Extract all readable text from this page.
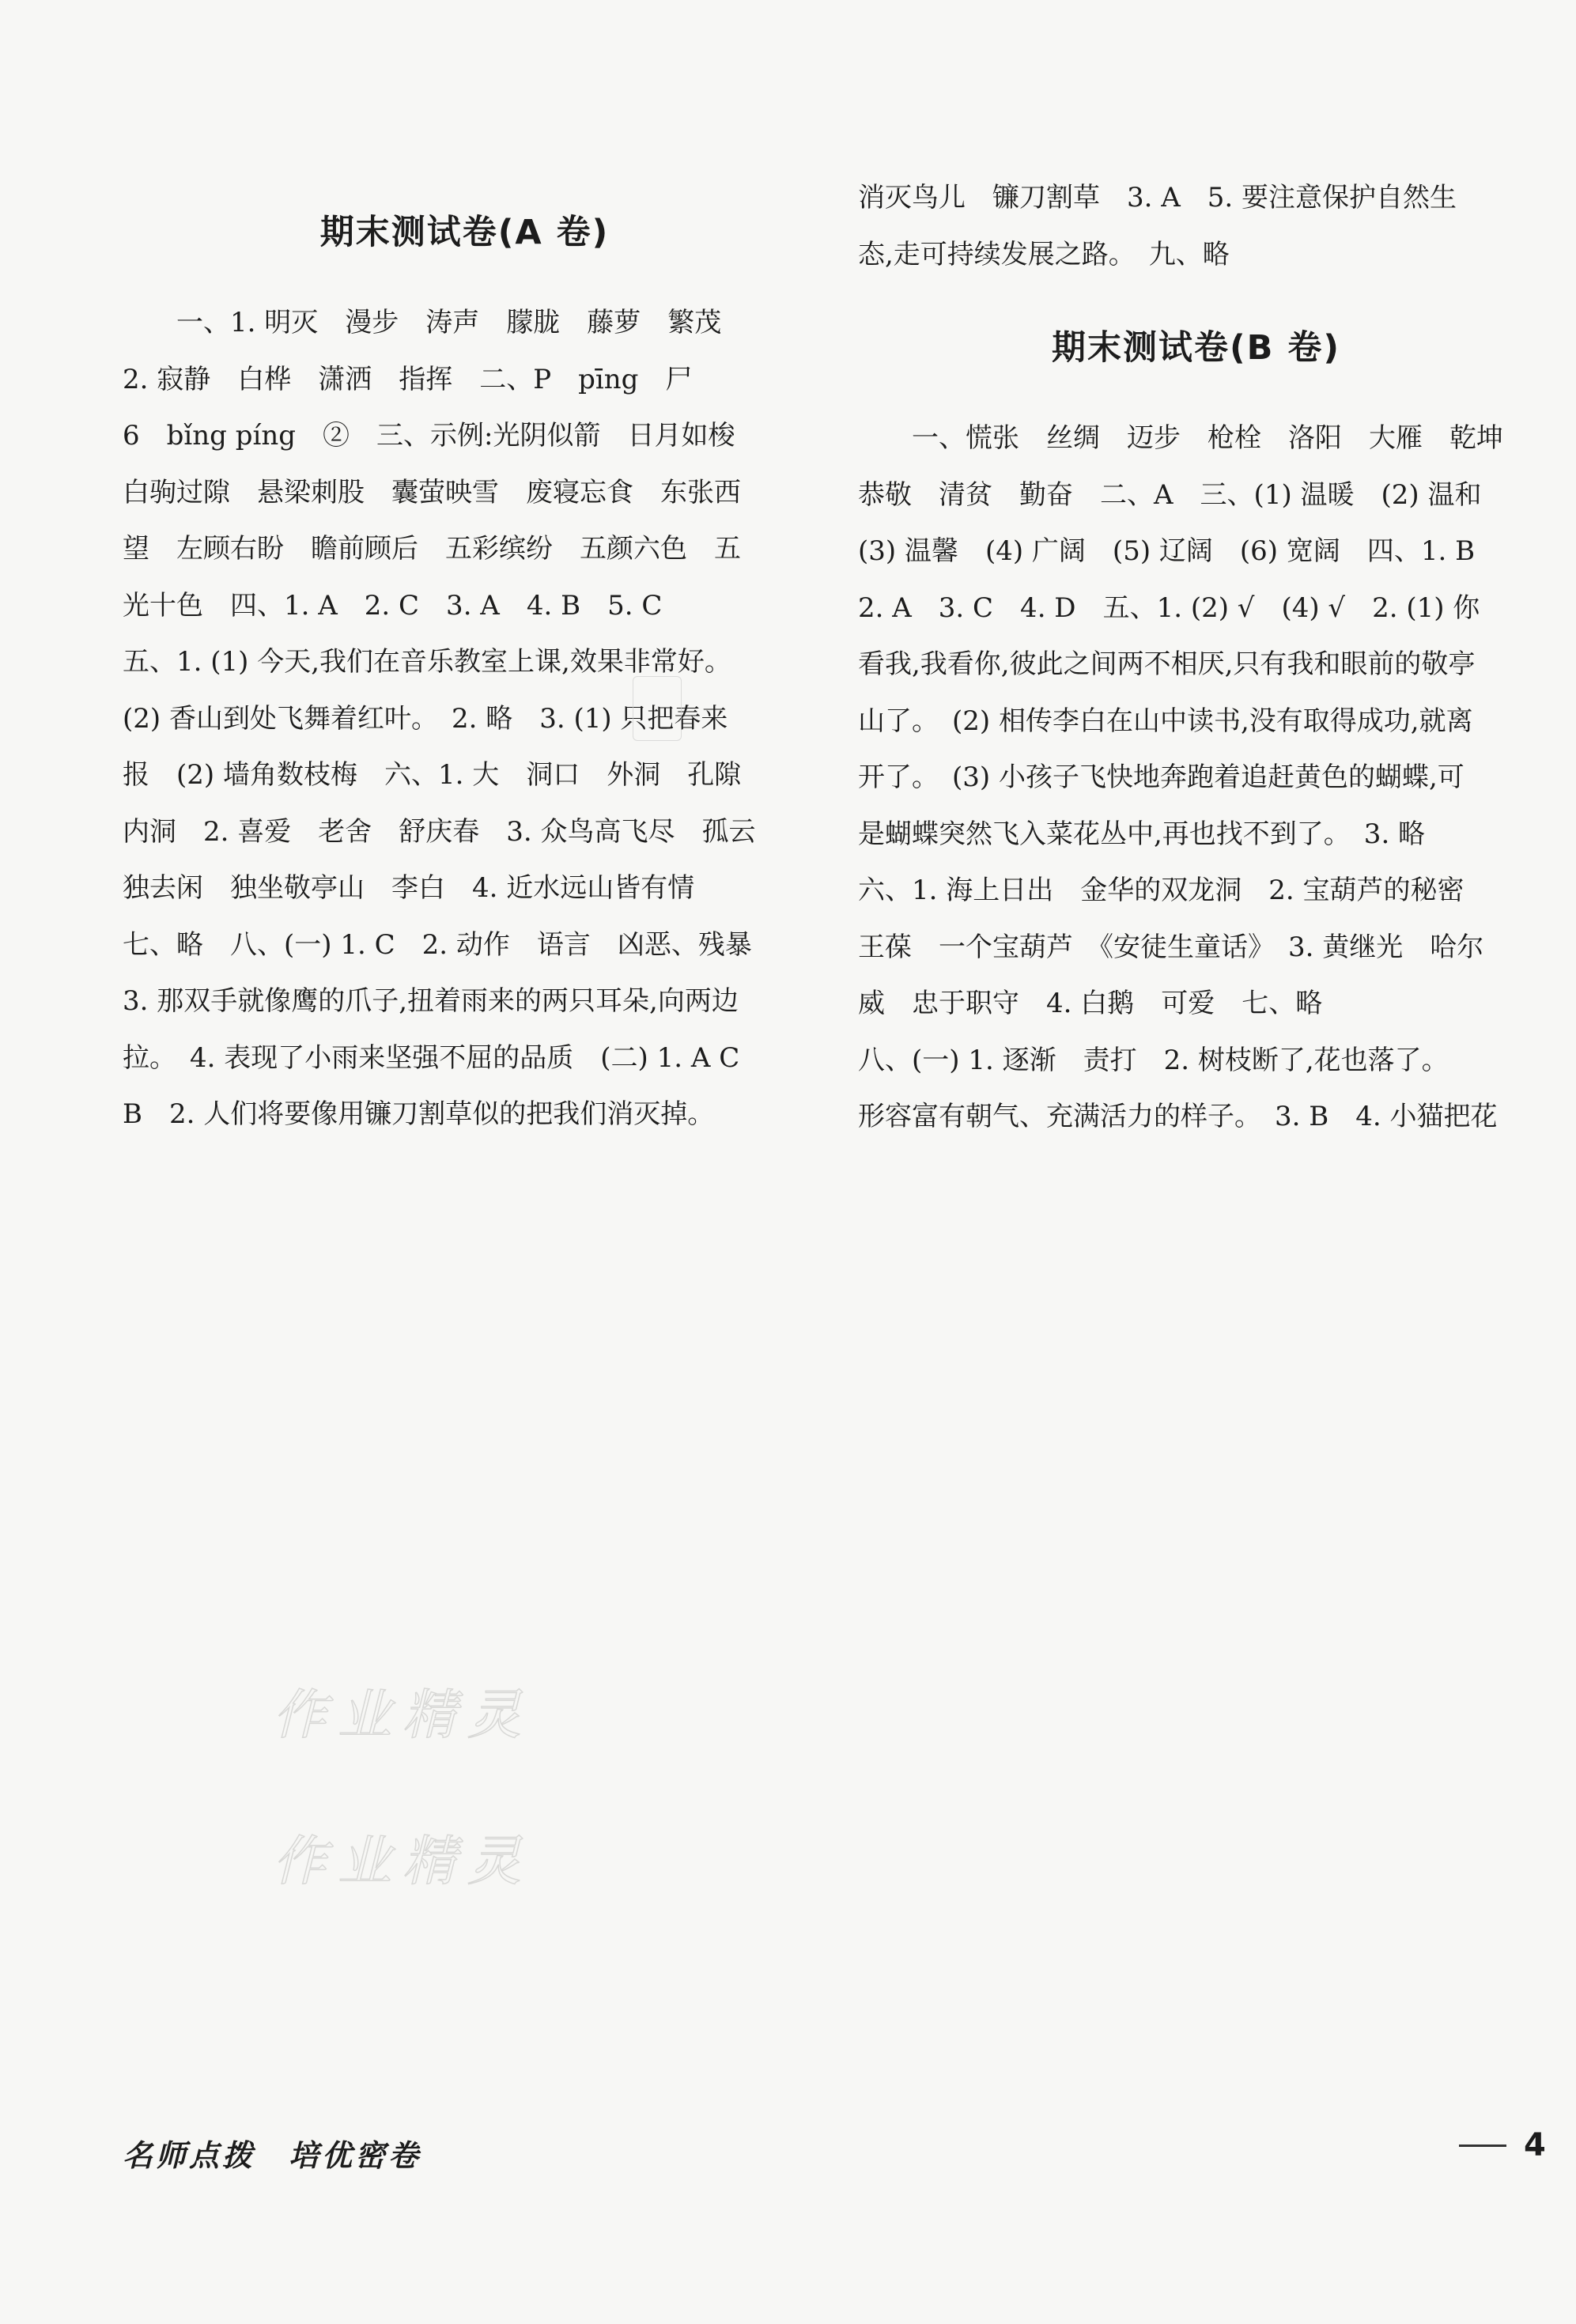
期末测试卷(A 卷)
　　一、1. 明灭　漫步　涛声　朦胧　藤萝　繁茂
2. 寂静　白桦　潇洒　指挥　二、P　pīng　尸
6　bǐng píng　②　三、示例:光阴似箭　日月如梭
白驹过隙　悬梁刺股　囊萤映雪　废寝忘食　东张西
望　左顾右盼　瞻前顾后　五彩缤纷　五颜六色　五
光十色　四、1. A　2. C　3. A　4. B　5. C
五、1. (1) 今天,我们在音乐教室上课,效果非常好。
(2) 香山到处飞舞着红叶。　2. 略　3. (1) 只把春来
报　(2) 墙角数枝梅　六、1. 大　洞口　外洞　孔隙
内洞　2. 喜爱　老舍　舒庆春　3. 众鸟高飞尽　孤云
独去闲　独坐敬亭山　李白　4. 近水远山皆有情
七、略　八、(一) 1. C　2. 动作　语言　凶恶、残暴
3. 那双手就像鹰的爪子,扭着雨来的两只耳朵,向两边
拉。　4. 表现了小雨来坚强不屈的品质　(二) 1. A C
B　2. 人们将要像用镰刀割草似的把我们消灭掉。
消灭鸟儿　镰刀割草　3. A　5. 要注意保护自然生
态,走可持续发展之路。　九、略
期末测试卷(B 卷)
　　一、慌张　丝绸　迈步　枪栓　洛阳　大雁　乾坤
恭敬　清贫　勤奋　二、A　三、(1) 温暖　(2) 温和
(3) 温馨　(4) 广阔　(5) 辽阔　(6) 宽阔　四、1. B
2. A　3. C　4. D　五、1. (2) √　(4) √　2. (1) 你
看我,我看你,彼此之间两不相厌,只有我和眼前的敬亭
山了。　(2) 相传李白在山中读书,没有取得成功,就离
开了。　(3) 小孩子飞快地奔跑着追赶黄色的蝴蝶,可
是蝴蝶突然飞入菜花丛中,再也找不到了。　3. 略
六、1. 海上日出　金华的双龙洞　2. 宝葫芦的秘密
王葆　一个宝葫芦　《安徒生童话》　3. 黄继光　哈尔
威　忠于职守　4. 白鹅　可爱　七、略
八、(一) 1. 逐渐　责打　2. 树枝断了,花也落了。
形容富有朝气、充满活力的样子。　3. B　4. 小猫把花
作业精灵
作业精灵
名师点拨　培优密卷	4
